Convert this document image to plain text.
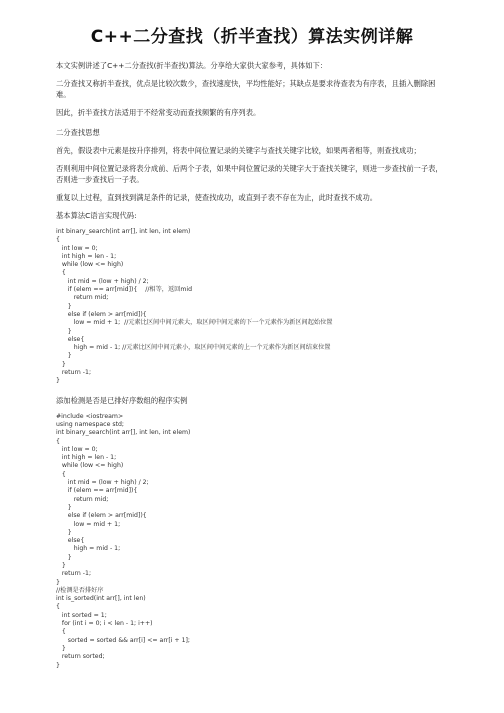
C++二分查找（折半查找）算法实例详解

本文实例讲述了C++二分查找(折半查找)算法。分享给大家供大家参考，具体如下：

二分查找又称折半查找，优点是比较次数少，查找速度快，平均性能好；其缺点是要求待查表为有序表，且插入删除困难。

因此，折半查找方法适用于不经常变动而查找频繁的有序列表。

二分查找思想

首先，假设表中元素是按升序排列，将表中间位置记录的关键字与查找关键字比较，如果两者相等，则查找成功；

否则利用中间位置记录将表分成前、后两个子表，如果中间位置记录的关键字大于查找关键字，则进一步查找前一子表，否则进一步查找后一子表。

重复以上过程，直到找到满足条件的记录，使查找成功，或直到子表不存在为止，此时查找不成功。

基本算法C语言实现代码:

int binary_search(int arr[], int len, int elem)
{
int low = 0;
int high = len - 1;
while (low <= high)
{
int mid = (low + high) / 2;
if (elem == arr[mid]){    //相等，返回mid
return mid;
}
else if (elem > arr[mid]){
low = mid + 1;  //元素比区间中间元素大，取区间中间元素的下一个元素作为新区间起始位置
}
else{
high = mid - 1; //元素比区间中间元素小，取区间中间元素的上一个元素作为新区间结束位置
}
}
return -1;
}

添加检测是否是已排好序数组的程序实例

#include <iostream>
using namespace std;
int binary_search(int arr[], int len, int elem)
{
int low = 0;
int high = len - 1;
while (low <= high)
{
int mid = (low + high) / 2;
if (elem == arr[mid]){
return mid;
}
else if (elem > arr[mid]){
low = mid + 1;
}
else{
high = mid - 1;
}
}
return -1;
}
//检测是否排好序
int is_sorted(int arr[], int len)
{
int sorted = 1;
for (int i = 0; i < len - 1; i++)
{
sorted = sorted && arr[i] <= arr[i + 1];
}
return sorted;
}
